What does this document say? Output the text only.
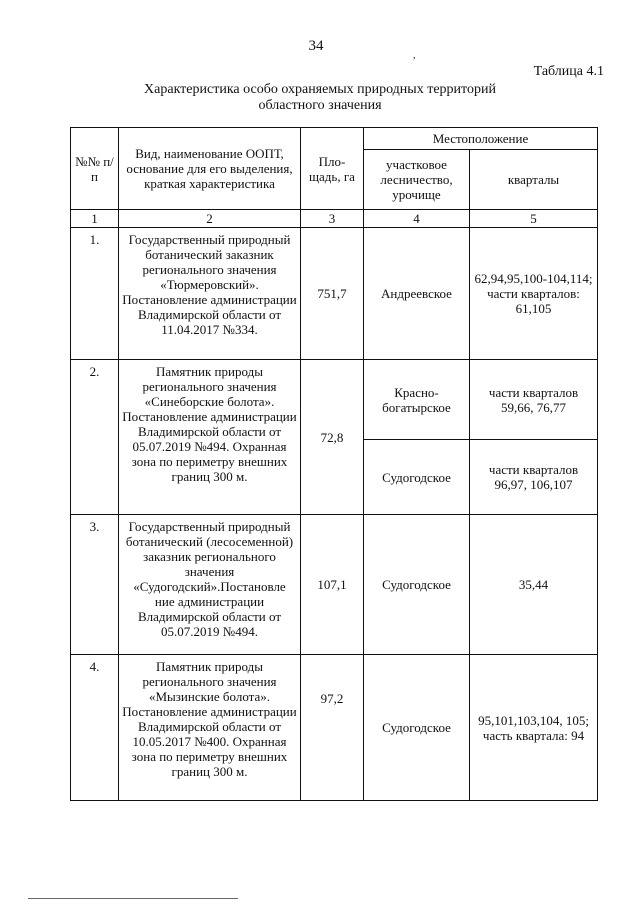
34
,
Таблица 4.1
Характеристика особо охраняемых природных территорий
областного значения
№№ п/п	Вид, наименование ООПТ, основание для его выделения, краткая характеристика	Пло-щадь, га	Местоположение	
			участковое лесничество, урочище	кварталы
1	2	3	4	5
1.	Государственный природный ботанический заказник регионального значения «Тюрмеровский». Постановление администрации Владимирской области от 11.04.2017 №334.	751,7	Андреевское	62,94,95,100-104,114; части кварталов: 61,105
2.	Памятник природы регионального значения «Синеборские болота». Постановление администрации Владимирской области от 05.07.2019 №494. Охранная зона по периметру внешних границ 300 м.	72,8	Красно-богатырское	части кварталов 59,66, 76,77
			Судогодское	части кварталов 96,97, 106,107
3.	Государственный природный ботанический (лесосеменной) заказник регионального значения «Судогодский».Постановле ние администрации Владимирской области от 05.07.2019 №494.	107,1	Судогодское	35,44
4.	Памятник природы регионального значения «Мызинские болота». Постановление администрации Владимирской области от 10.05.2017 №400. Охранная зона по периметру внешних границ 300 м.	97,2	Судогодское	95,101,103,104, 105; часть квартала: 94
